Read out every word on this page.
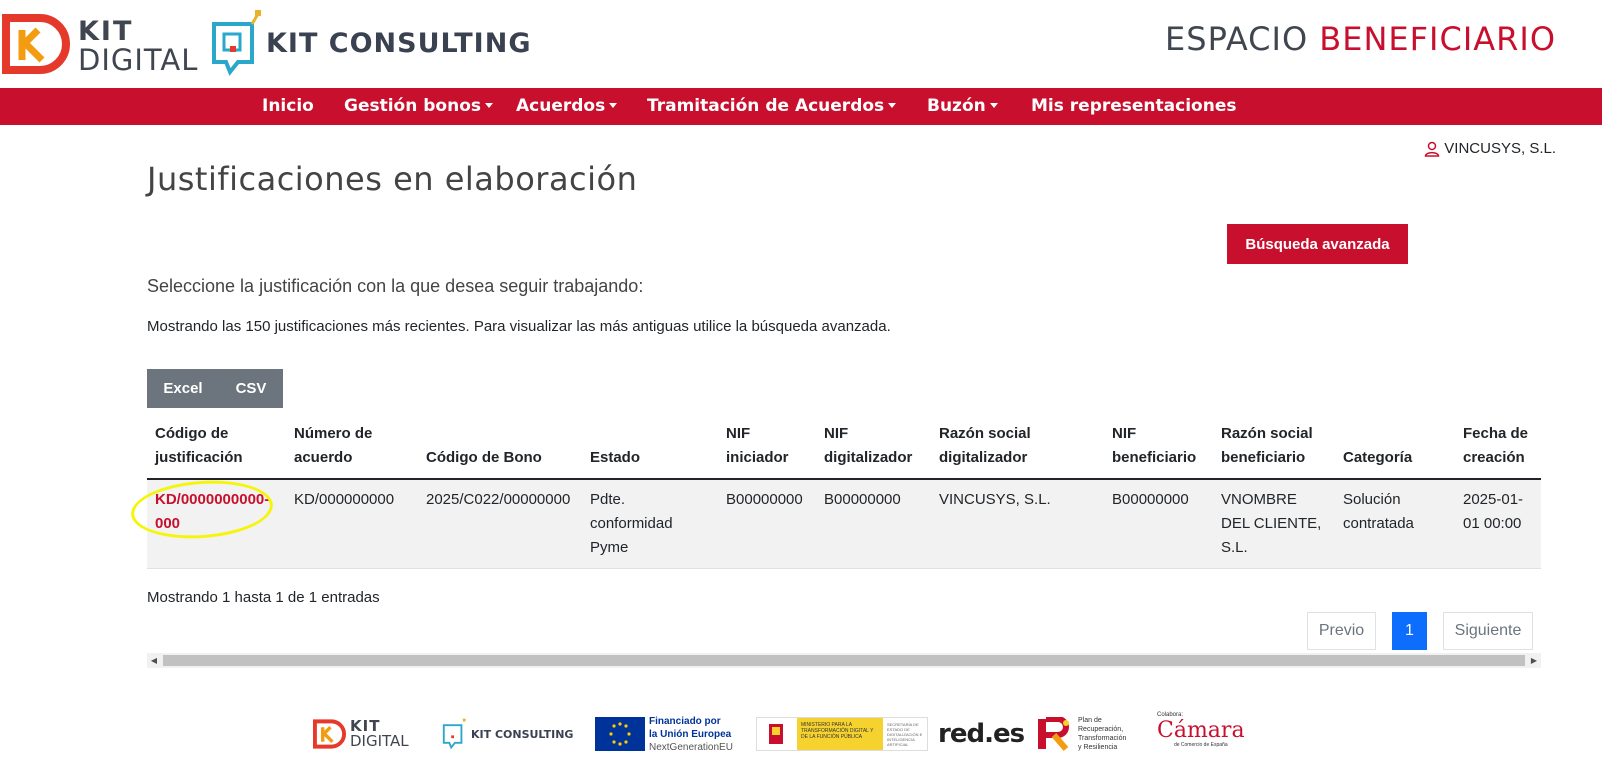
KIT
DIGITAL	KIT CONSULTING	ESPACIO BENEFICIARIO
Inicio Gestión bonos	Acuerdos	Tramitación de Acuerdos	Buzón	Mis representaciones
VINCUSYS, S.L.
Justificaciones en elaboración
Búsqueda avanzada
Seleccione la justificación con la que desea seguir trabajando:
Mostrando las 150 justificaciones más recientes. Para visualizar las más antiguas utilice la búsqueda avanzada.
Excel	CSV
Código de justificación	Número de acuerdo	Código de Bono	Estado	NIF iniciador	NIF digitalizador	Razón social digitalizador	NIF beneficiario	Razón social beneficiario	Categoría	Fecha de creación
KD/0000000000-000	KD/000000000	2025/C022/00000000	Pdte. conformidad Pyme	B00000000	B00000000	VINCUSYS, S.L.	B00000000	VNOMBRE DEL CLIENTE, S.L.	Solución contratada	2025-01-01 00:00
Mostrando 1 hasta 1 de 1 entradas
Previo	1	Siguiente
◀	▶
KIT
DIGITAL	KIT CONSULTING
Financiado por
la Unión Europea
NextGenerationEU
MINISTERIO PARA LA TRANSFORMACIÓN DIGITAL Y DE LA FUNCIÓN PÚBLICA
SECRETARÍA DE ESTADO DE DIGITALIZACIÓN E INTELIGENCIA ARTIFICIAL	red.es	Plan de
Recuperación,
Transformación
y Resiliencia
Colabora:
Cámara
de Comercio de España
